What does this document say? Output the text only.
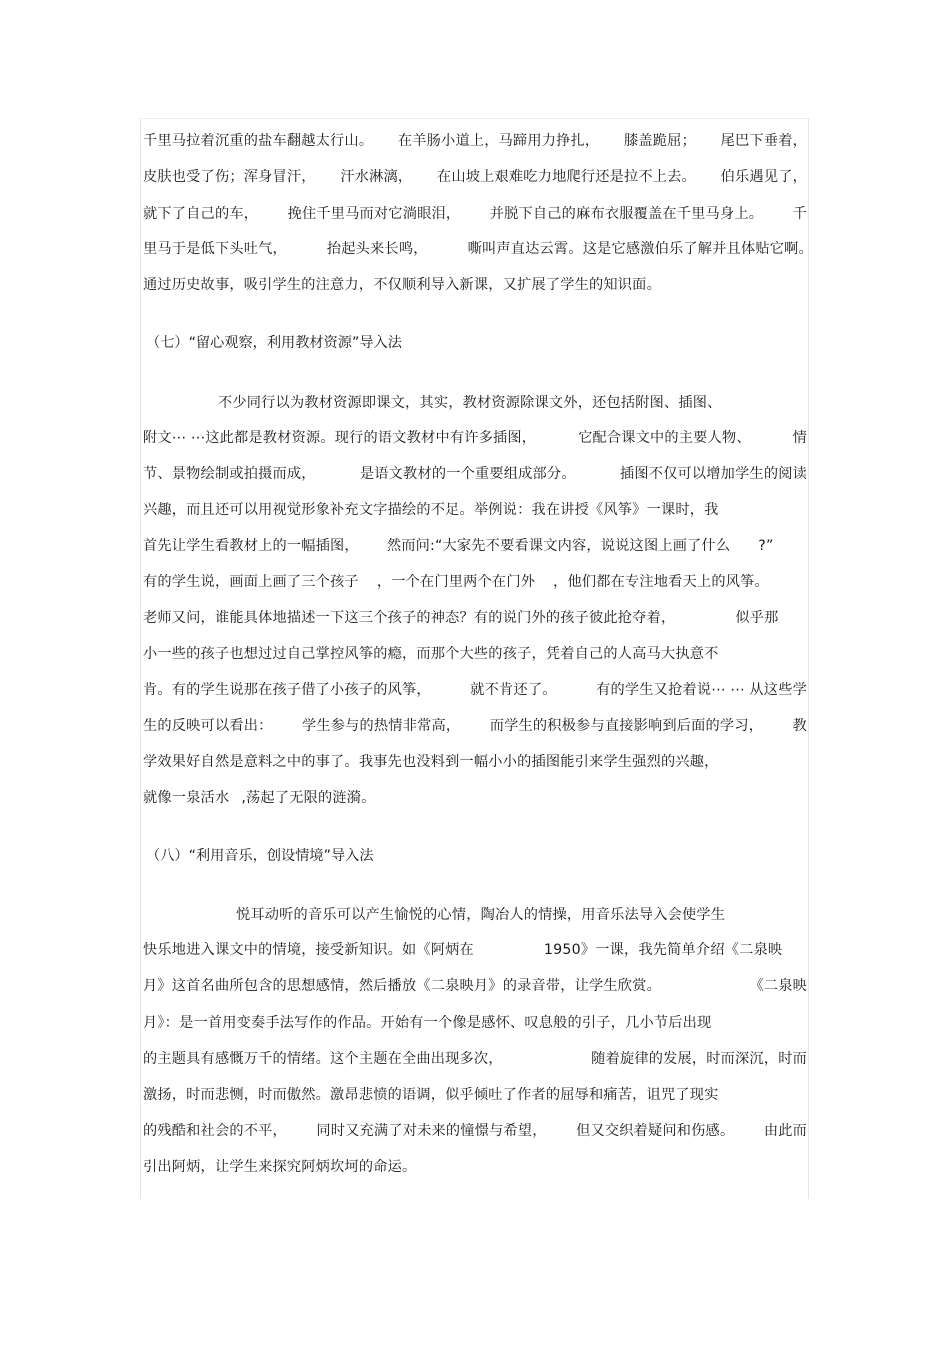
千里马拉着沉重的盐车翻越太行山。 在羊肠小道上，马蹄用力挣扎， 膝盖跪屈； 尾巴下垂着，
皮肤也受了伤；浑身冒汗， 汗水淋漓， 在山坡上艰难吃力地爬行还是拉不上去。 伯乐遇见了，
就下了自己的车， 挽住千里马而对它淌眼泪， 并脱下自己的麻布衣服覆盖在千里马身上。 千
里马于是低下头吐气，	抬起头来长鸣，	嘶叫声直达云霄。这是它感激伯乐了解并且体贴它啊。
通过历史故事，吸引学生的注意力，不仅顺利导入新课，又扩展了学生的知识面。
（七）“留心观察，利用教材资源”导入法
不少同行以为教材资源即课文，其实，教材资源除课文外，还包括附图、插图、
附文⋯ ⋯这此都是教材资源。现行的语文教材中有许多插图，	它配合课文中的主要人物、	情
节、景物绘制或拍摄而成，	是语文教材的一个重要组成部分。	插图不仅可以增加学生的阅读
兴趣，而且还可以用视觉形象补充文字描绘的不足。举例说：我在讲授《风筝》一课时，我
首先让学生看教材上的一幅插图， 然而问:“大家先不要看课文内容，说说这图上画了什么 ?”
有的学生说，画面上画了三个孩子 ，一个在门里两个在门外 ，他们都在专注地看天上的风筝。
老师又问，谁能具体地描述一下这三个孩子的神态？有的说门外的孩子彼此抢夺着，	似乎那
小一些的孩子也想过过自己掌控风筝的瘾，而那个大些的孩子，凭着自己的人高马大执意不
肯。有的学生说那在孩子借了小孩子的风筝，	就不肯还了。	有的学生又抢着说⋯ ⋯ 从这些学
生的反映可以看出： 学生参与的热情非常高， 而学生的积极参与直接影响到后面的学习， 教
学效果好自然是意料之中的事了。我事先也没料到一幅小小的插图能引来学生强烈的兴趣，
就像一泉活水 ,荡起了无限的涟漪。
（八）“利用音乐，创设情境”导入法
悦耳动听的音乐可以产生愉悦的心情，陶冶人的情操，用音乐法导入会使学生
快乐地进入课文中的情境，接受新知识。如《阿炳在	1950》一课，我先简单介绍《二泉映
月》这首名曲所包含的思想感情，然后播放《二泉映月》的录音带，让学生欣赏。	《二泉映
月》：是一首用变奏手法写作的作品。开始有一个像是感怀、叹息般的引子，几小节后出现
的主题具有感慨万千的情绪。这个主题在全曲出现多次，	随着旋律的发展，时而深沉，时而
激扬，时而悲恻，时而傲然。激昂悲愤的语调，似乎倾吐了作者的屈辱和痛苦，诅咒了现实
的残酷和社会的不平， 同时又充满了对未来的憧憬与希望， 但又交织着疑问和伤感。 由此而
引出阿炳，让学生来探究阿炳坎坷的命运。
